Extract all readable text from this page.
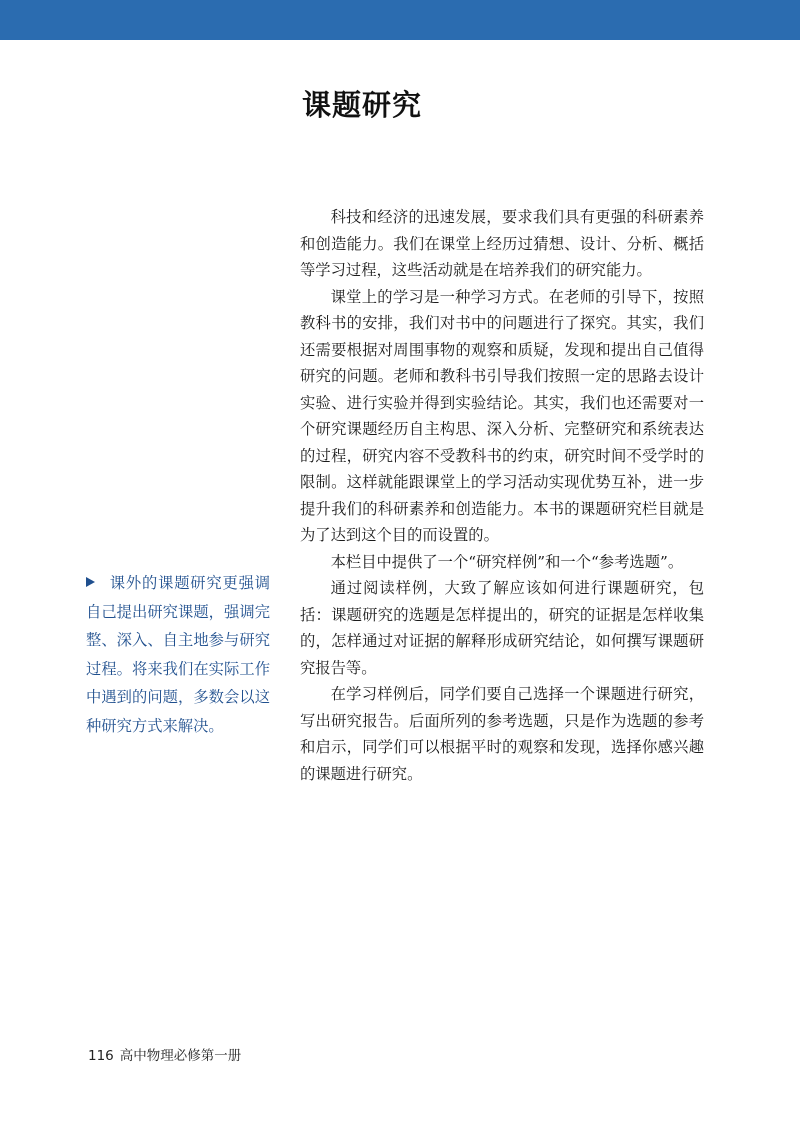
课题研究

科技和经济的迅速发展，要求我们具有更强的科研素养和创造能力。我们在课堂上经历过猜想、设计、分析、概括等学习过程，这些活动就是在培养我们的研究能力。

课堂上的学习是一种学习方式。在老师的引导下，按照教科书的安排，我们对书中的问题进行了探究。其实，我们还需要根据对周围事物的观察和质疑，发现和提出自己值得研究的问题。老师和教科书引导我们按照一定的思路去设计实验、进行实验并得到实验结论。其实，我们也还需要对一个研究课题经历自主构思、深入分析、完整研究和系统表达的过程，研究内容不受教科书的约束，研究时间不受学时的限制。这样就能跟课堂上的学习活动实现优势互补，进一步提升我们的科研素养和创造能力。本书的课题研究栏目就是为了达到这个目的而设置的。

本栏目中提供了一个“研究样例”和一个“参考选题”。

通过阅读样例，大致了解应该如何进行课题研究，包括：课题研究的选题是怎样提出的，研究的证据是怎样收集的，怎样通过对证据的解释形成研究结论，如何撰写课题研究报告等。

在学习样例后，同学们要自己选择一个课题进行研究，写出研究报告。后面所列的参考选题，只是作为选题的参考和启示，同学们可以根据平时的观察和发现，选择你感兴趣的课题进行研究。

课外的课题研究更强调自己提出研究课题，强调完整、深入、自主地参与研究过程。将来我们在实际工作中遇到的问题，多数会以这种研究方式来解决。
116 高中物理必修第一册
